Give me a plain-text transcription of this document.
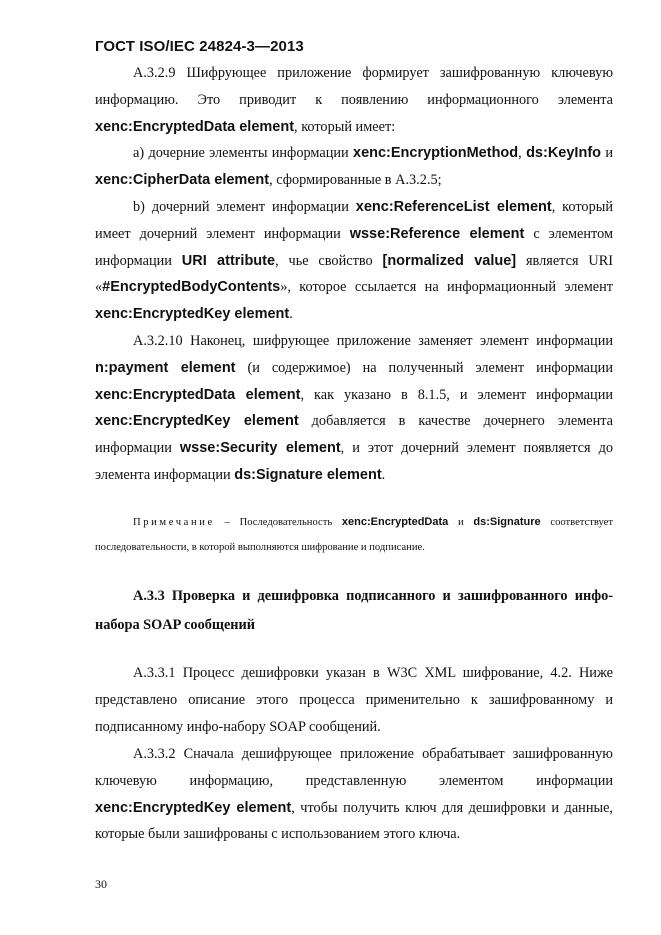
ГОСТ ISO/IEC 24824-3—2013

А.3.2.9 Шифрующее приложение формирует зашифрованную ключевую информацию. Это приводит к появлению информационного элемента xenc:EncryptedData element, который имеет:

а) дочерние элементы информации xenc:EncryptionMethod, ds:KeyInfo и xenc:CipherData element, сформированные в А.3.2.5;

b) дочерний элемент информации xenc:ReferenceList element, который имеет дочерний элемент информации wsse:Reference element с элементом информации URI attribute, чье свойство [normalized value] является URI «#EncryptedBodyContents», которое ссылается на информационный элемент xenc:EncryptedKey element.

А.3.2.10 Наконец, шифрующее приложение заменяет элемент информации n:payment element (и содержимое) на полученный элемент информации xenc:EncryptedData element, как указано в 8.1.5, и элемент информации xenc:EncryptedKey element добавляется в качестве дочернего элемента информации wsse:Security element, и этот дочерний элемент появляется до элемента информации ds:Signature element.

Примечание – Последовательность xenc:EncryptedData и ds:Signature соответствует последовательности, в которой выполняются шифрование и подписание.

А.3.3 Проверка и дешифровка подписанного и зашифрованного инфо-набора SOAP сообщений

А.3.3.1 Процесс дешифровки указан в W3C XML шифрование, 4.2. Ниже представлено описание этого процесса применительно к зашифрованному и подписанному инфо-набору SOAP сообщений.

А.3.3.2 Сначала дешифрующее приложение обрабатывает зашифрованную ключевую информацию, представленную элементом информации xenc:EncryptedKey element, чтобы получить ключ для дешифровки и данные, которые были зашифрованы с использованием этого ключа.

30
